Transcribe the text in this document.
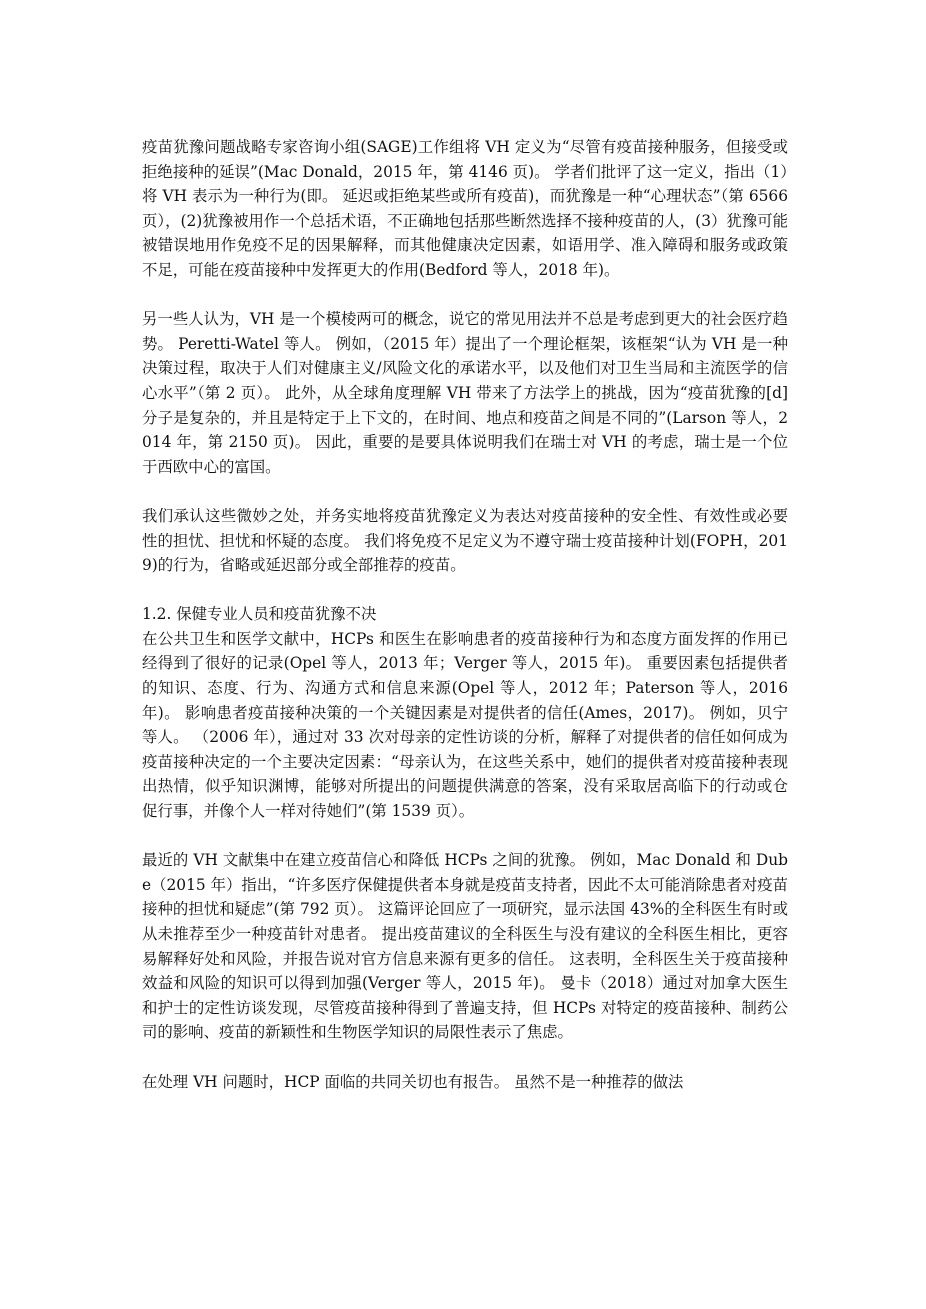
疫苗犹豫问题战略专家咨询小组(SAGE)工作组将 VH 定义为“尽管有疫苗接种服务，但接受或拒绝接种的延误”(Mac Donald，2015 年，第 4146 页)。 学者们批评了这一定义，指出（1）将 VH 表示为一种行为(即。 延迟或拒绝某些或所有疫苗)，而犹豫是一种“心理状态”（第 6566 页），(2)犹豫被用作一个总括术语，不正确地包括那些断然选择不接种疫苗的人，(3）犹豫可能被错误地用作免疫不足的因果解释，而其他健康决定因素，如语用学、准入障碍和服务或政策不足，可能在疫苗接种中发挥更大的作用(Bedford 等人，2018 年)。

另一些人认为，VH 是一个模棱两可的概念，说它的常见用法并不总是考虑到更大的社会医疗趋势。 Peretti-Watel 等人。 例如，（2015 年）提出了一个理论框架，该框架“认为 VH 是一种决策过程，取决于人们对健康主义/风险文化的承诺水平，以及他们对卫生当局和主流医学的信心水平”（第 2 页）。 此外，从全球角度理解 VH 带来了方法学上的挑战，因为“疫苗犹豫的[d]分子是复杂的，并且是特定于上下文的，在时间、地点和疫苗之间是不同的”(Larson 等人，2014 年，第 2150 页)。 因此，重要的是要具体说明我们在瑞士对 VH 的考虑，瑞士是一个位于西欧中心的富国。

我们承认这些微妙之处，并务实地将疫苗犹豫定义为表达对疫苗接种的安全性、有效性或必要性的担忧、担忧和怀疑的态度。 我们将免疫不足定义为不遵守瑞士疫苗接种计划(FOPH，2019)的行为，省略或延迟部分或全部推荐的疫苗。

1.2. 保健专业人员和疫苗犹豫不决

在公共卫生和医学文献中，HCPs 和医生在影响患者的疫苗接种行为和态度方面发挥的作用已经得到了很好的记录(Opel 等人，2013 年；Verger 等人，2015 年)。 重要因素包括提供者的知识、态度、行为、沟通方式和信息来源(Opel 等人，2012 年；Paterson 等人，2016 年)。 影响患者疫苗接种决策的一个关键因素是对提供者的信任(Ames，2017)。 例如，贝宁等人。 （2006 年），通过对 33 次对母亲的定性访谈的分析，解释了对提供者的信任如何成为疫苗接种决定的一个主要决定因素：“母亲认为，在这些关系中，她们的提供者对疫苗接种表现出热情，似乎知识渊博，能够对所提出的问题提供满意的答案，没有采取居高临下的行动或仓促行事，并像个人一样对待她们”(第 1539 页）。

最近的 VH 文献集中在建立疫苗信心和降低 HCPs 之间的犹豫。 例如，Mac Donald 和 Dube（2015 年）指出，“许多医疗保健提供者本身就是疫苗支持者，因此不太可能消除患者对疫苗接种的担忧和疑虑”(第 792 页）。 这篇评论回应了一项研究，显示法国 43%的全科医生有时或从未推荐至少一种疫苗针对患者。 提出疫苗建议的全科医生与没有建议的全科医生相比，更容易解释好处和风险，并报告说对官方信息来源有更多的信任。 这表明，全科医生关于疫苗接种效益和风险的知识可以得到加强(Verger 等人，2015 年)。 曼卡（2018）通过对加拿大医生和护士的定性访谈发现，尽管疫苗接种得到了普遍支持，但 HCPs 对特定的疫苗接种、制药公司的影响、疫苗的新颖性和生物医学知识的局限性表示了焦虑。

在处理 VH 问题时，HCP 面临的共同关切也有报告。 虽然不是一种推荐的做法
